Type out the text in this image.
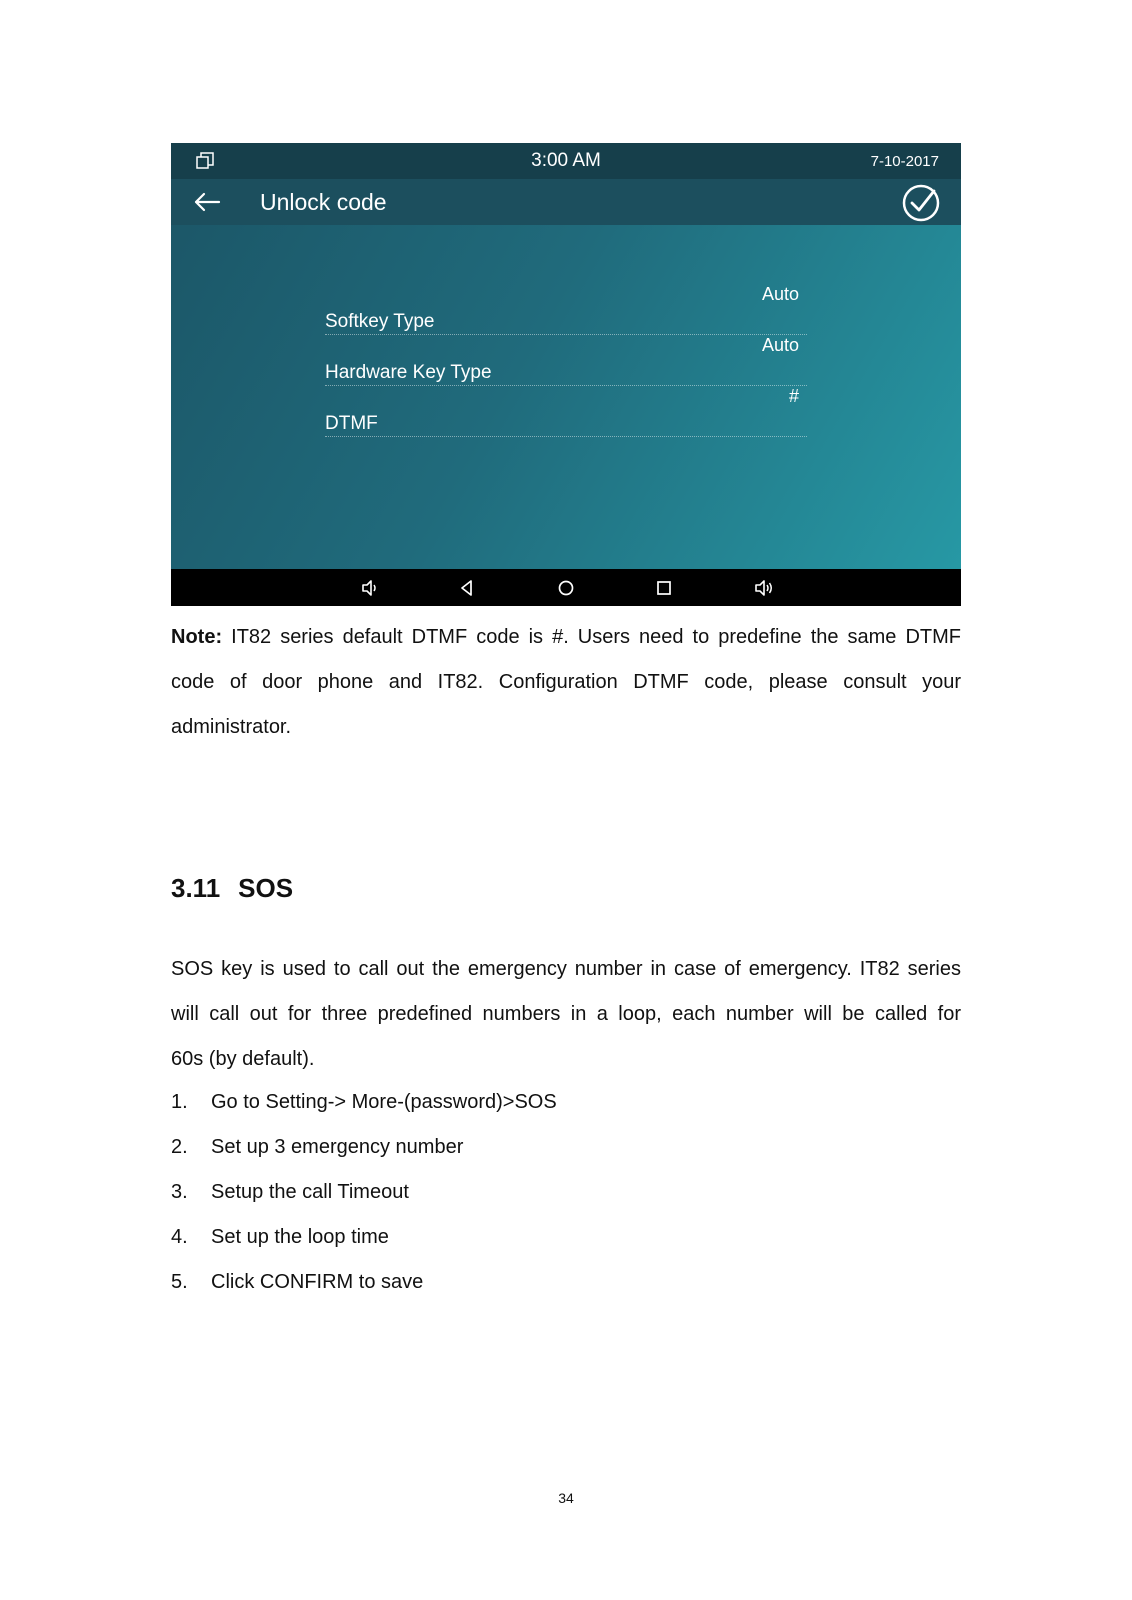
3:00 AM	7-10-2017
Unlock code
Softkey Type
Auto
Hardware Key Type
Auto
DTMF
#
Note: IT82 series default DTMF code is #. Users need to predefine the same DTMF
code of door phone and IT82. Configuration DTMF code, please consult your
administrator.
3.11 SOS
SOS key is used to call out the emergency number in case of emergency. IT82 series
will call out for three predefined numbers in a loop, each number will be called for
60s (by default).
1. Go to Setting-> More-(password)>SOS
2. Set up 3 emergency number
3. Setup the call Timeout
4. Set up the loop time
5. Click CONFIRM to save
34
